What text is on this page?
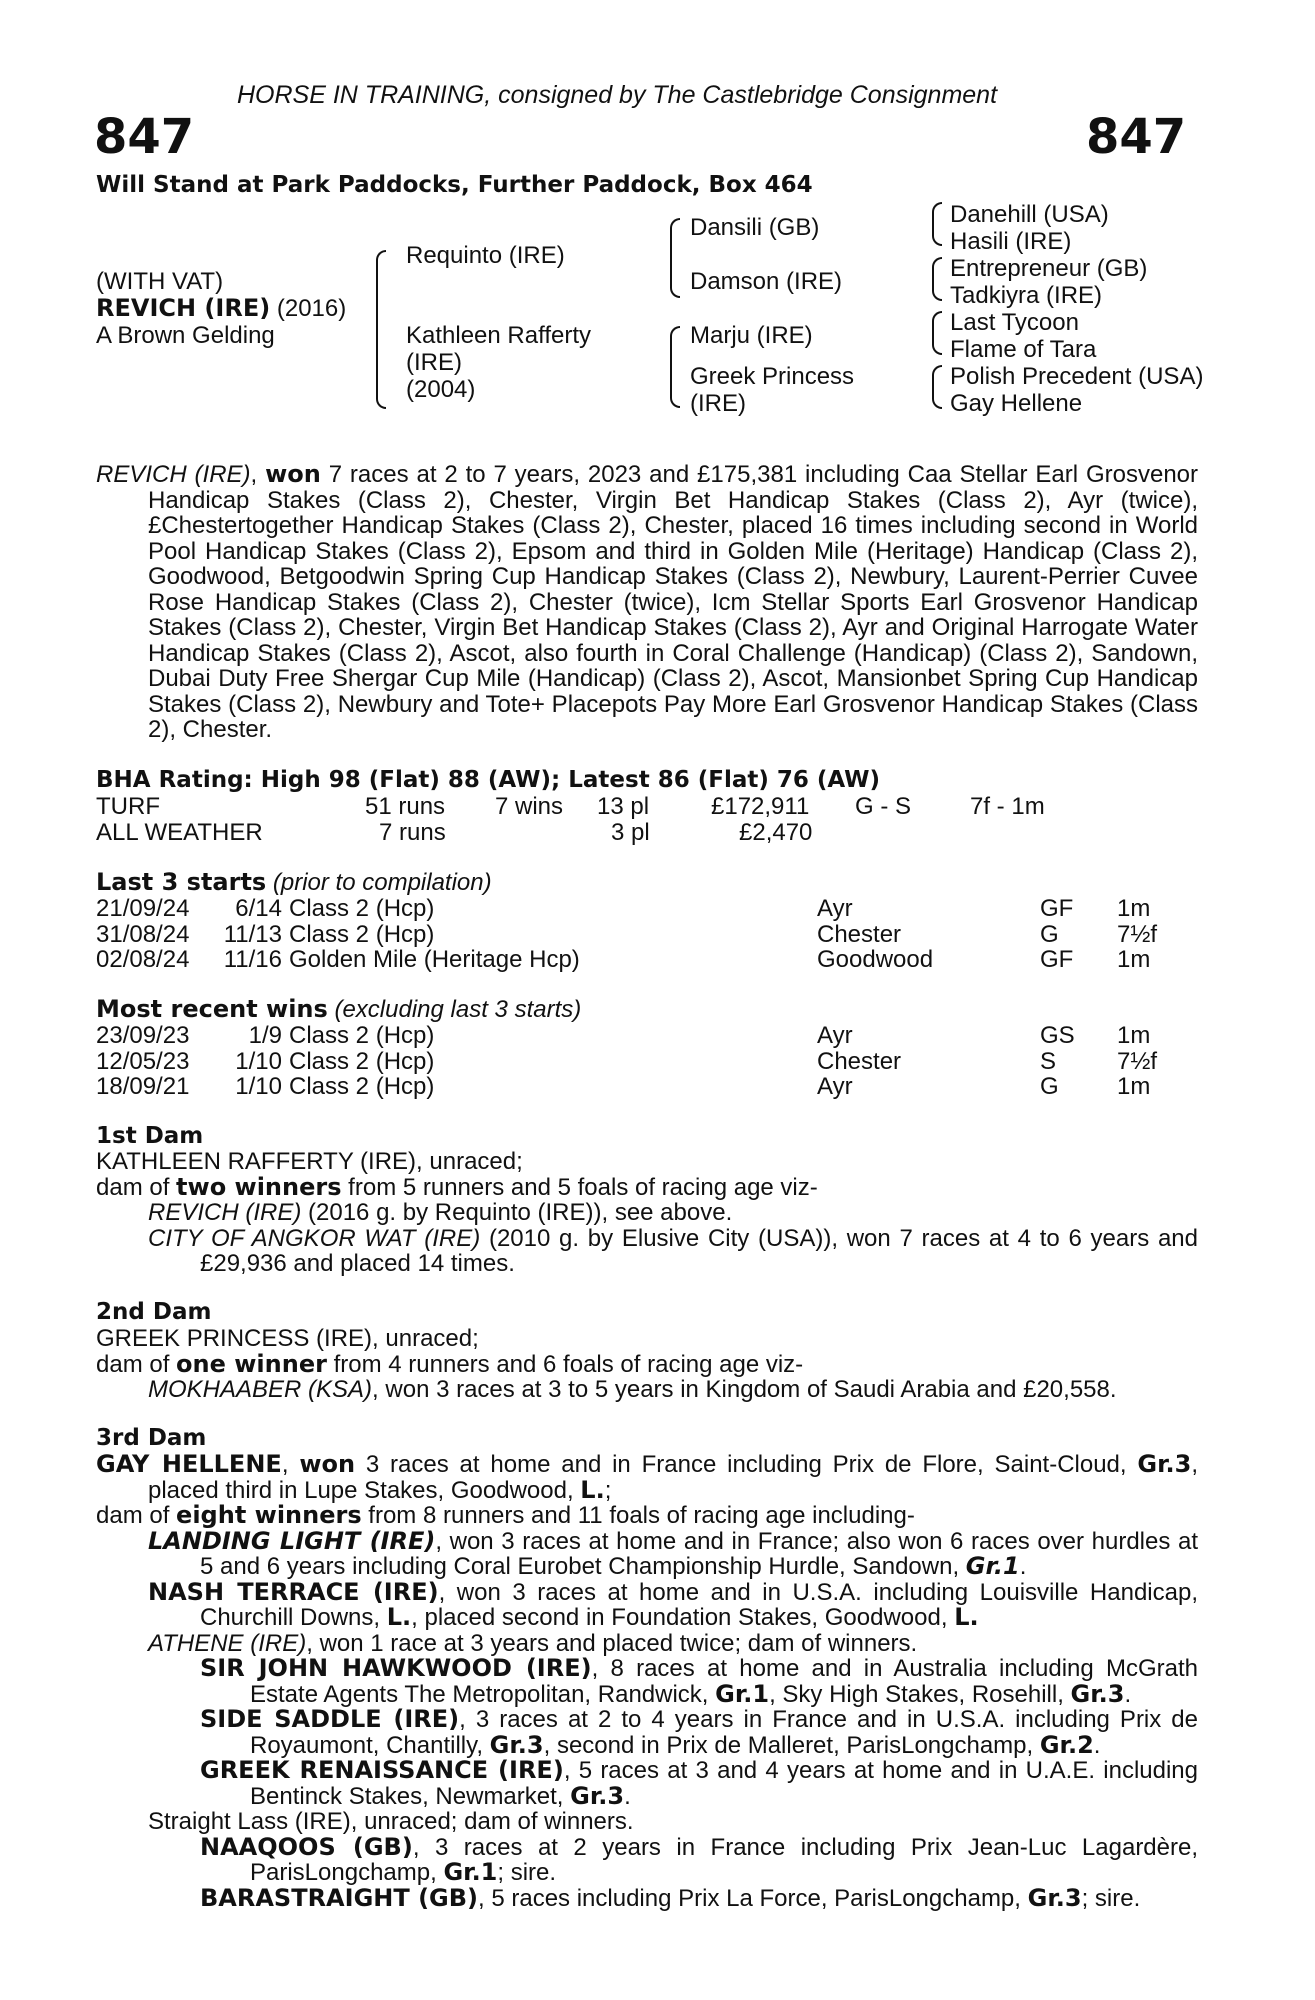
HORSE IN TRAINING, consigned by The Castlebridge Consignment
847	847
Will Stand at Park Paddocks, Further Paddock, Box 464
(WITH VAT)
REVICH (IRE) (2016)
A Brown Gelding
Requinto (IRE)
Kathleen Rafferty
(IRE)
(2004)
Dansili (GB)
Damson (IRE)
Marju (IRE)
Greek Princess
(IRE)
Danehill (USA)
Hasili (IRE)
Entrepreneur (GB)
Tadkiyra (IRE)
Last Tycoon
Flame of Tara
Polish Precedent (USA)
Gay Hellene
REVICH (IRE), won 7 races at 2 to 7 years, 2023 and £175,381 including Caa Stellar Earl Grosvenor Handicap Stakes (Class 2), Chester, Virgin Bet Handicap Stakes (Class 2), Ayr (twice), £Chestertogether Handicap Stakes (Class 2), Chester, placed 16 times including second in World Pool Handicap Stakes (Class 2), Epsom and third in Golden Mile (Heritage) Handicap (Class 2), Goodwood, Betgoodwin Spring Cup Handicap Stakes (Class 2), Newbury, Laurent-Perrier Cuvee Rose Handicap Stakes (Class 2), Chester (twice), Icm Stellar Sports Earl Grosvenor Handicap Stakes (Class 2), Chester, Virgin Bet Handicap Stakes (Class 2), Ayr and Original Harrogate Water Handicap Stakes (Class 2), Ascot, also fourth in Coral Challenge (Handicap) (Class 2), Sandown, Dubai Duty Free Shergar Cup Mile (Handicap) (Class 2), Ascot, Mansionbet Spring Cup Handicap Stakes (Class 2), Newbury and Tote+ Placepots Pay More Earl Grosvenor Handicap Stakes (Class 2), Chester.
BHA Rating: High 98 (Flat) 88 (AW); Latest 86 (Flat) 76 (AW)
TURF	51 runs 7 wins 13 pl	£172,911 G - S 7f - 1m
ALL WEATHER	7 runs	3 pl	£2,470
Last 3 starts (prior to compilation)
21/09/24 6/14 Class 2 (Hcp)	Ayr	GF 1m
31/08/24 11/13 Class 2 (Hcp)	Chester	G 7½f
02/08/24 11/16 Golden Mile (Heritage Hcp)	Goodwood	GF 1m
Most recent wins (excluding last 3 starts)
23/09/23 1/9 Class 2 (Hcp)	Ayr	GS 1m
12/05/23 1/10 Class 2 (Hcp)	Chester	S	7½f
18/09/21 1/10 Class 2 (Hcp)	Ayr	G 1m
1st Dam
KATHLEEN RAFFERTY (IRE), unraced;
dam of two winners from 5 runners and 5 foals of racing age viz-
REVICH (IRE) (2016 g. by Requinto (IRE)), see above.
CITY OF ANGKOR WAT (IRE) (2010 g. by Elusive City (USA)), won 7 races at 4 to 6 years and £29,936 and placed 14 times.
2nd Dam
GREEK PRINCESS (IRE), unraced;
dam of one winner from 4 runners and 6 foals of racing age viz-
MOKHAABER (KSA), won 3 races at 3 to 5 years in Kingdom of Saudi Arabia and £20,558.
3rd Dam
GAY HELLENE, won 3 races at home and in France including Prix de Flore, Saint-Cloud, Gr.3, placed third in Lupe Stakes, Goodwood, L.;
dam of eight winners from 8 runners and 11 foals of racing age including-
LANDING LIGHT (IRE), won 3 races at home and in France; also won 6 races over hurdles at 5 and 6 years including Coral Eurobet Championship Hurdle, Sandown, Gr.1.
NASH TERRACE (IRE), won 3 races at home and in U.S.A. including Louisville Handicap, Churchill Downs, L., placed second in Foundation Stakes, Goodwood, L.
ATHENE (IRE), won 1 race at 3 years and placed twice; dam of winners.
SIR JOHN HAWKWOOD (IRE), 8 races at home and in Australia including McGrath Estate Agents The Metropolitan, Randwick, Gr.1, Sky High Stakes, Rosehill, Gr.3.
SIDE SADDLE (IRE), 3 races at 2 to 4 years in France and in U.S.A. including Prix de Royaumont, Chantilly, Gr.3, second in Prix de Malleret, ParisLongchamp, Gr.2.
GREEK RENAISSANCE (IRE), 5 races at 3 and 4 years at home and in U.A.E. including Bentinck Stakes, Newmarket, Gr.3.
Straight Lass (IRE), unraced; dam of winners.
NAAQOOS (GB), 3 races at 2 years in France including Prix Jean-Luc Lagardère, ParisLongchamp, Gr.1; sire.
BARASTRAIGHT (GB), 5 races including Prix La Force, ParisLongchamp, Gr.3; sire.
